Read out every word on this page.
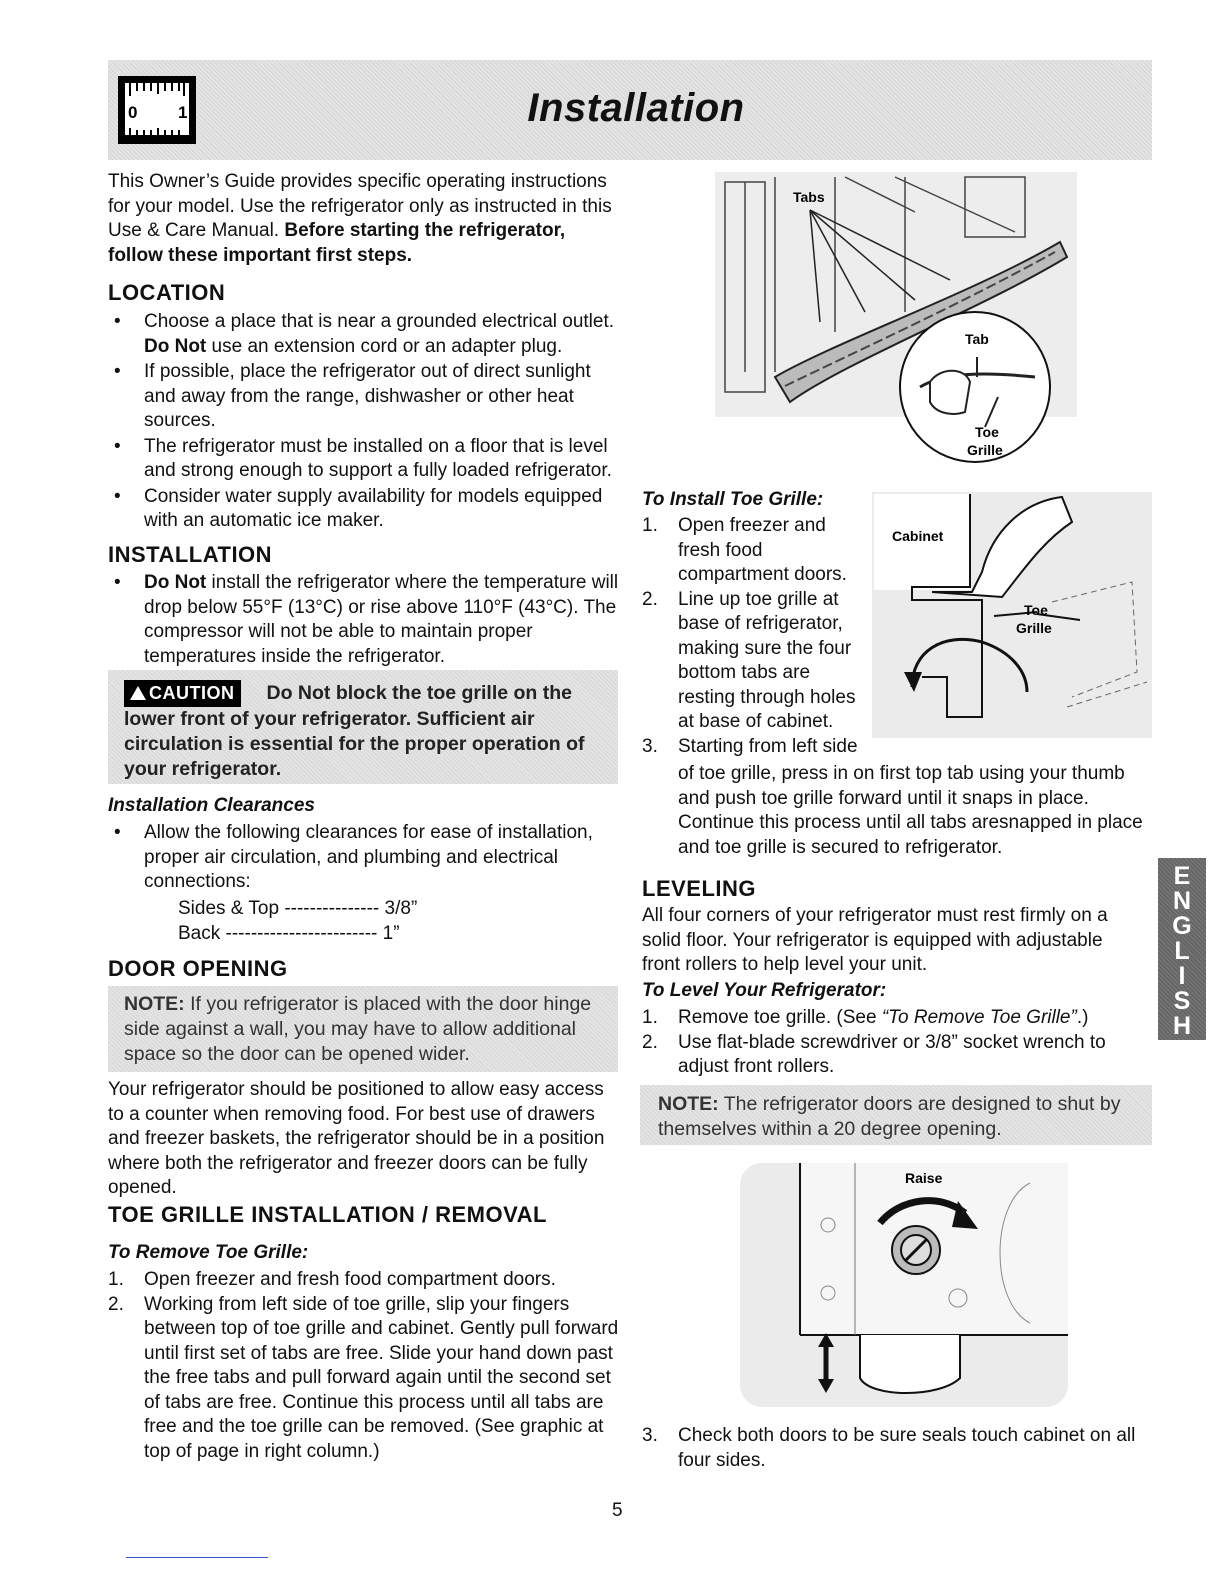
0 1	Installation
This Owner’s Guide provides specific operating instructions for your model. Use the refrigerator only as instructed in this Use & Care Manual. Before starting the refrigerator, follow these important first steps.
LOCATION
• Choose a place that is near a grounded electrical outlet. Do Not use an extension cord or an adapter plug.
• If possible, place the refrigerator out of direct sunlight and away from the range, dishwasher or other heat sources.
• The refrigerator must be installed on a floor that is level and strong enough to support a fully loaded refrigerator.
• Consider water supply availability for models equipped with an automatic ice maker.
INSTALLATION
• Do Not install the refrigerator where the temperature will drop below 55°F (13°C) or rise above 110°F (43°C). The compressor will not be able to maintain proper temperatures inside the refrigerator.
CAUTION Do Not block the toe grille on the lower front of your refrigerator. Sufficient air circulation is essential for the proper operation of your refrigerator.
Installation Clearances
• Allow the following clearances for ease of installation, proper air circulation, and plumbing and electrical connections:
Sides & Top --------------- 3/8”
Back ------------------------ 1”
DOOR OPENING
NOTE: If you refrigerator is placed with the door hinge side against a wall, you may have to allow additional space so the door can be opened wider.
Your refrigerator should be positioned to allow easy access to a counter when removing food. For best use of drawers and freezer baskets, the refrigerator should be in a position where both the refrigerator and freezer doors can be fully opened.
TOE GRILLE INSTALLATION / REMOVAL
To Remove Toe Grille:
1. Open freezer and fresh food compartment doors.
2. Working from left side of toe grille, slip your fingers between top of toe grille and cabinet. Gently pull forward until first set of tabs are free. Slide your hand down past the free tabs and pull forward again until the second set of tabs are free. Continue this process until all tabs are free and the toe grille can be removed. (See graphic at top of page in right column.)
Tabs
Tab
Toe
Grille
To Install Toe Grille:
1. Open freezer and fresh food compartment doors.
2. Line up toe grille at base of refrigerator, making sure the four bottom tabs are resting through holes at base of cabinet.
3. Starting from left side
of toe grille, press in on first top tab using your thumb and push toe grille forward until it snaps in place. Continue this process until all tabs aresnapped in place and toe grille is secured to refrigerator.
Cabinet
Toe
Grille
LEVELING
All four corners of your refrigerator must rest firmly on a solid floor. Your refrigerator is equipped with adjustable front rollers to help level your unit.
To Level Your Refrigerator:
1. Remove toe grille. (See “To Remove Toe Grille”.)
2. Use flat-blade screwdriver or 3/8” socket wrench to adjust front rollers.
NOTE: The refrigerator doors are designed to shut by themselves within a 20 degree opening.
Raise
3. Check both doors to be sure seals touch cabinet on all four sides.
ENGLISH
5
